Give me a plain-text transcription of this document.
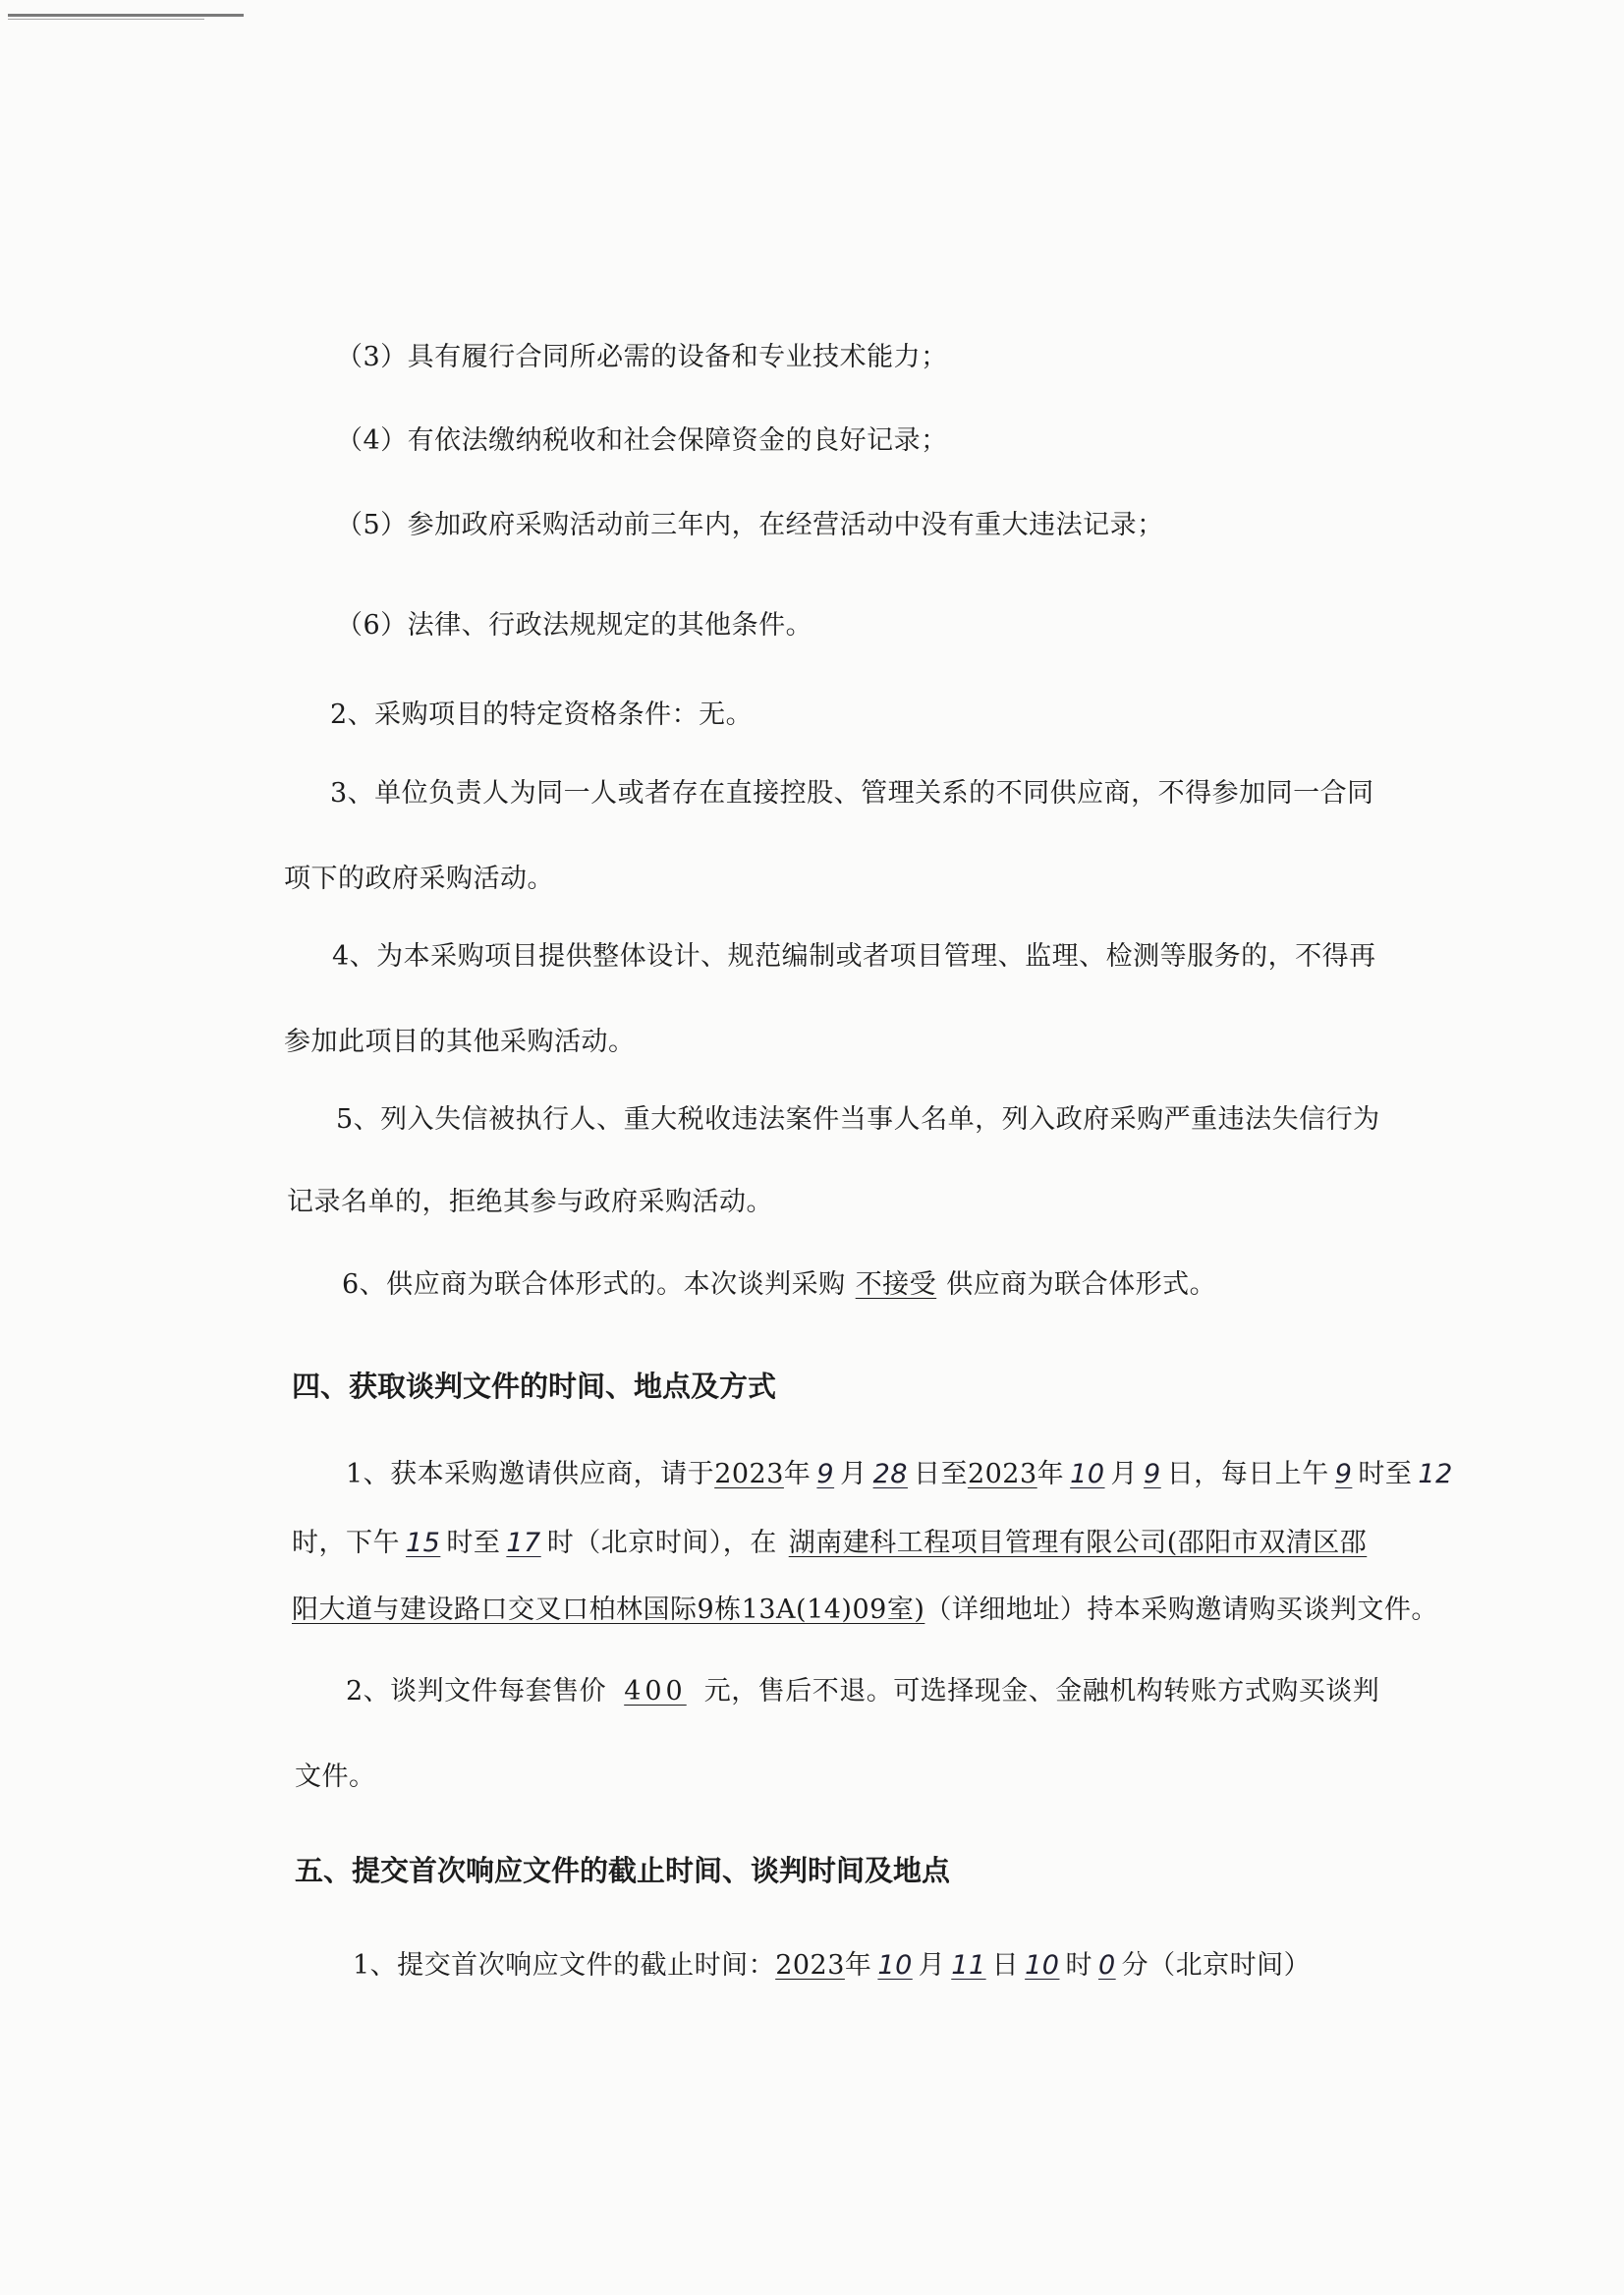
（3）具有履行合同所必需的设备和专业技术能力；
（4）有依法缴纳税收和社会保障资金的良好记录；
（5）参加政府采购活动前三年内，在经营活动中没有重大违法记录；
（6）法律、行政法规规定的其他条件。
2、采购项目的特定资格条件：无。
3、单位负责人为同一人或者存在直接控股、管理关系的不同供应商，不得参加同一合同
项下的政府采购活动。
4、为本采购项目提供整体设计、规范编制或者项目管理、监理、检测等服务的，不得再
参加此项目的其他采购活动。
5、列入失信被执行人、重大税收违法案件当事人名单，列入政府采购严重违法失信行为
记录名单的，拒绝其参与政府采购活动。
6、供应商为联合体形式的。本次谈判采购 不接受 供应商为联合体形式。
四、获取谈判文件的时间、地点及方式
1、获本采购邀请供应商，请于2023年 9 月 28 日至2023年 10 月 9 日，每日上午 9 时至 12
时，下午 15 时至 17 时（北京时间），在 湖南建科工程项目管理有限公司(邵阳市双清区邵
阳大道与建设路口交叉口柏林国际9栋13A(14)09室)（详细地址）持本采购邀请购买谈判文件。
2、谈判文件每套售价 400 元，售后不退。可选择现金、金融机构转账方式购买谈判
文件。
五、提交首次响应文件的截止时间、谈判时间及地点
1、提交首次响应文件的截止时间：2023年 10 月 11 日 10 时 0 分（北京时间）
